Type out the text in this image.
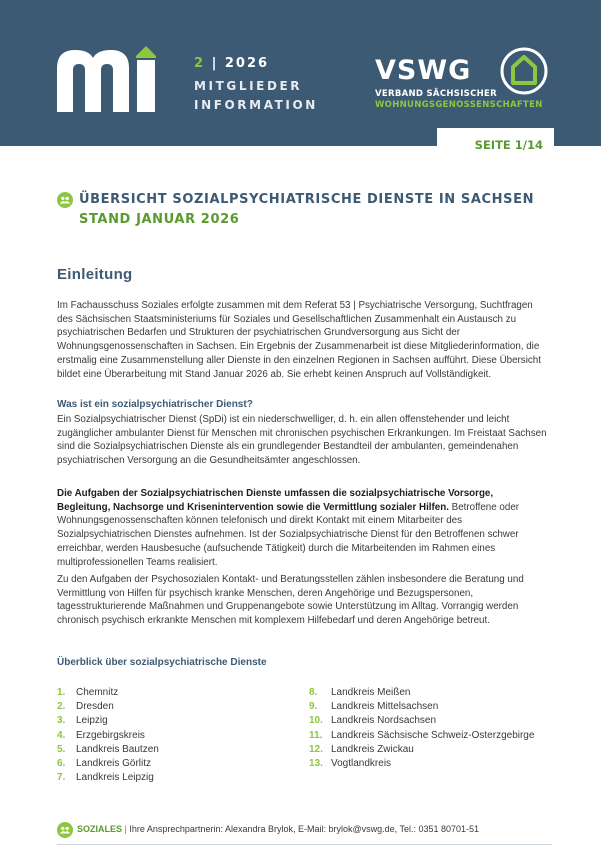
2 | 2026
MITGLIEDER
INFORMATION
VSWG
VERBAND SÄCHSISCHER
WOHNUNGSGENOSSENSCHAFTEN
SEITE 1/14
ÜBERSICHT SOZIALPSYCHIATRISCHE DIENSTE IN SACHSEN
STAND JANUAR 2026
Einleitung
Im Fachausschuss Soziales erfolgte zusammen mit dem Referat 53 | Psychiatrische Versorgung, Suchtfragen des Sächsischen Staatsministeriums für Soziales und Gesellschaftlichen Zusammenhalt ein Austausch zu psychiatrischen Bedarfen und Strukturen der psychiatrischen Grundversorgung aus Sicht der Wohnungsgenossenschaften in Sachsen. Ein Ergebnis der Zusammenarbeit ist diese Mitgliederinformation, die erstmalig eine Zusammenstellung aller Dienste in den einzelnen Regionen in Sachsen aufführt. Diese Übersicht bildet eine Überarbeitung mit Stand Januar 2026 ab. Sie erhebt keinen Anspruch auf Vollständigkeit.
Was ist ein sozialpsychiatrischer Dienst?
Ein Sozialpsychiatrischer Dienst (SpDi) ist ein niederschwelliger, d. h. ein allen offenstehender und leicht zugänglicher ambulanter Dienst für Menschen mit chronischen psychischen Erkrankungen. Im Freistaat Sachsen sind die Sozialpsychiatrischen Dienste als ein grundlegender Bestandteil der ambulanten, gemeindenahen psychiatrischen Versorgung an die Gesundheitsämter angeschlossen.
Die Aufgaben der Sozialpsychiatrischen Dienste umfassen die sozialpsychiatrische Vorsorge, Begleitung, Nachsorge und Krisenintervention sowie die Vermittlung sozialer Hilfen. Betroffene oder Wohnungsgenossenschaften können telefonisch und direkt Kontakt mit einem Mitarbeiter des Sozialpsychiatrischen Dienstes aufnehmen. Ist der Sozialpsychiatrische Dienst für den Betroffenen schwer erreichbar, werden Hausbesuche (aufsuchende Tätigkeit) durch die Mitarbeitenden im Rahmen eines multiprofessionellen Teams realisiert.
Zu den Aufgaben der Psychosozialen Kontakt- und Beratungsstellen zählen insbesondere die Beratung und Vermittlung von Hilfen für psychisch kranke Menschen, deren Angehörige und Bezugspersonen, tagesstrukturierende Maßnahmen und Gruppenangebote sowie Unterstützung im Alltag. Vorrangig werden chronisch psychisch erkrankte Menschen mit komplexem Hilfebedarf und deren Angehörige betreut.
Überblick über sozialpsychiatrische Dienste
1.	Chemnitz
2.	Dresden
3.	Leipzig
4.	Erzgebirgskreis
5.	Landkreis Bautzen
6.	Landkreis Görlitz
7.	Landkreis Leipzig
8.	Landkreis Meißen
9.	Landkreis Mittelsachsen
10. Landkreis Nordsachsen
11. Landkreis Sächsische Schweiz-Osterzgebirge
12. Landkreis Zwickau
13. Vogtlandkreis
SOZIALES | Ihre Ansprechpartnerin: Alexandra Brylok, E-Mail: brylok@vswg.de, Tel.: 0351 80701-51
